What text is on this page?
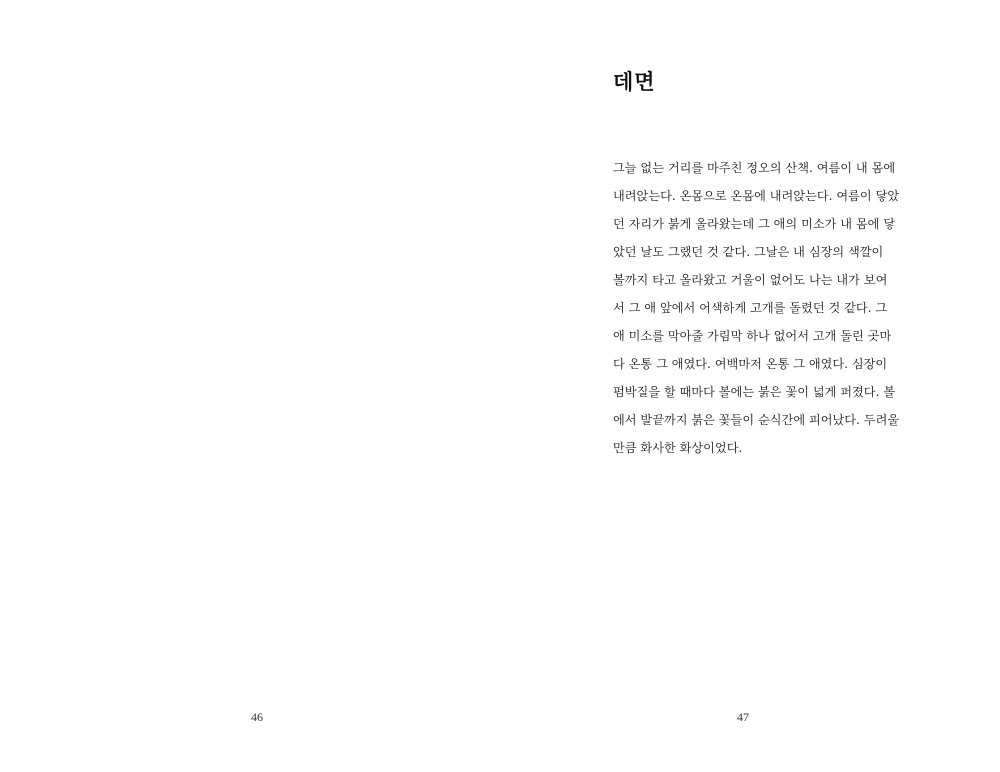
46
데면
그늘 없는 거리를 마주친 정오의 산책. 여름이 내 몸에
내려앉는다. 온몸으로 온몸에 내려앉는다. 여름이 닿았
던 자리가 붉게 올라왔는데 그 애의 미소가 내 몸에 닿
았던 날도 그랬던 것 같다. 그날은 내 심장의 색깔이
볼까지 타고 올라왔고 거울이 없어도 나는 내가 보여
서 그 애 앞에서 어색하게 고개를 돌렸던 것 같다. 그
애 미소를 막아줄 가림막 하나 없어서 고개 돌린 곳마
다 온통 그 애였다. 여백마저 온통 그 애였다. 심장이
펌박질을 할 때마다 볼에는 붉은 꽃이 넓게 퍼졌다. 볼
에서 발끝까지 붉은 꽃들이 순식간에 피어났다. 두려울
만큼 화사한 화상이었다.
47
